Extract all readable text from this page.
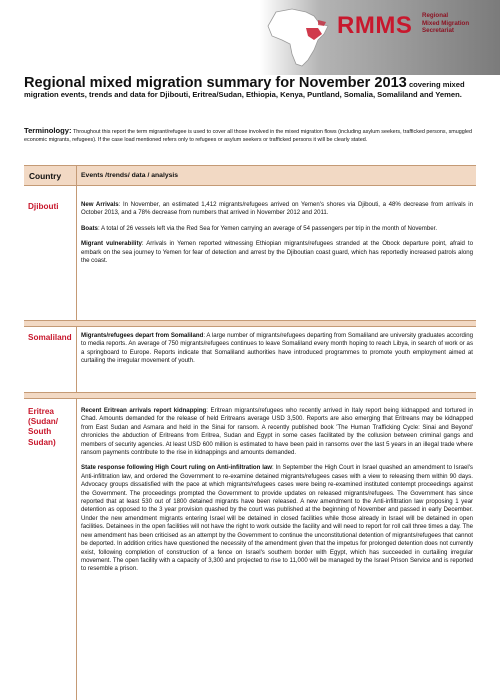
RMMS Regional
Mixed Migration
Secretariat
Regional mixed migration summary for November 2013 covering mixed migration events, trends and data for Djibouti, Eritrea/Sudan, Ethiopia, Kenya, Puntland, Somalia, Somaliland and Yemen.
Terminology: Throughout this report the term migrant/refugee is used to cover all those involved in the mixed migration flows (including asylum seekers, trafficked persons, smuggled economic migrants, refugees). If the case load mentioned refers only to refugees or asylum seekers or trafficked persons it will be clearly stated.
Country	Events /trends/ data / analysis
Djibouti	New Arrivals: In November, an estimated 1,412 migrants/refugees arrived on Yemen's shores via Djibouti, a 48% decrease from arrivals in October 2013, and a 78% decrease from numbers that arrived in November 2012 and 2011.

Boats: A total of 26 vessels left via the Red Sea for Yemen carrying an average of 54 passengers per trip in the month of November.

Migrant vulnerability: Arrivals in Yemen reported witnessing Ethiopian migrants/refugees stranded at the Obock departure point, afraid to embark on the sea journey to Yemen for fear of detection and arrest by the Djiboutian coast guard, which has reportedly increased patrols along the coast.

Somaliland Migrants/refugees depart from Somaliland: A large number of migrants/refugees departing from Somaliland are university graduates according to media reports. An average of 750 migrants/refugees continues to leave Somaliland every month hoping to reach Libya, in search of work or as a springboard to Europe. Reports indicate that Somaliland authorities have introduced programmes to promote youth employment aimed at curtailing the irregular movement of youth.

Eritrea (Sudan/ South Sudan)

Recent Eritrean arrivals report kidnapping: Eritrean migrants/refugees who recently arrived in Italy report being kidnapped and tortured in Chad. Amounts demanded for the release of held Eritreans average USD 3,500. Reports are also emerging that Eritreans may be kidnapped from East Sudan and Asmara and held in the Sinai for ransom. A recently published book 'The Human Trafficking Cycle: Sinai and Beyond' chronicles the abduction of Eritreans from Eritrea, Sudan and Egypt in some cases facilitated by the collusion between criminal gangs and members of security agencies. At least USD 600 million is estimated to have been paid in ransoms over the last 5 years in an illegal trade where ransom payments contribute to the rise in kidnappings and amounts demanded.

State response following High Court ruling on Anti-infiltration law: In September the High Court in Israel quashed an amendment to Israel's Anti-infiltration law, and ordered the Government to re-examine detained migrants/refugees cases with a view to releasing them within 90 days. Advocacy groups dissatisfied with the pace at which migrants/refugees cases were being re-examined instituted contempt proceedings against the Government. The proceedings prompted the Government to provide updates on released migrants/refugees. The Government has since reported that at least 530 out of 1800 detained migrants have been released. A new amendment to the Anti-infiltration law proposing 1 year detention as opposed to the 3 year provision quashed by the court was published at the beginning of November and passed in early December. Under the new amendment migrants entering Israel will be detained in closed facilities while those already in Israel will be detained in open facilities. Detainees in the open facilities will not have the right to work outside the facility and will need to report for roll call three times a day. The new amendment has been criticised as an attempt by the Government to continue the unconstitutional detention of migrants/refugees that cannot be deported. In addition critics have questioned the necessity of the amendment given that the impetus for prolonged detention does not currently exist, following completion of construction of a fence on Israel's southern border with Egypt, which has succeeded in curtailing irregular movement. The open facility with a capacity of 3,300 and projected to rise to 11,000 will be managed by the Israel Prison Service and is reported to resemble a prison.
